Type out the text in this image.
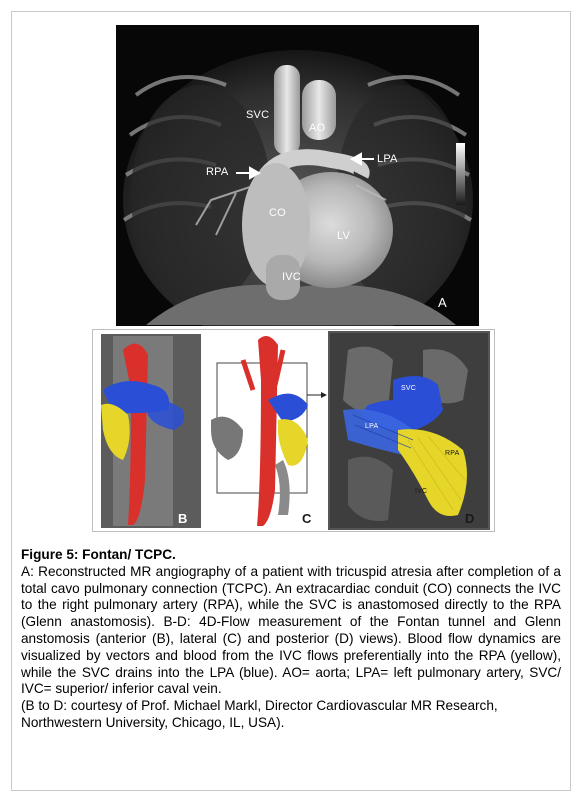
SVC
AO
RPA
LPA
CO
LV
IVC
A
LPA
B	C
SVC
LPA
RPA
IVC
D
Figure 5: Fontan/ TCPC.

A: Reconstructed MR angiography of a patient with tricuspid atresia after completion of a total cavo pulmonary connection (TCPC). An extracardiac conduit (CO) connects the IVC to the right pulmonary artery (RPA), while the SVC is anastomosed directly to the RPA (Glenn anastomosis). B-D: 4D-Flow measurement of the Fontan tunnel and Glenn anstomosis (anterior (B), lateral (C) and posterior (D) views). Blood flow dynamics are visualized by vectors and blood from the IVC flows preferentially into the RPA (yellow), while the SVC drains into the LPA (blue). AO= aorta; LPA= left pulmonary artery, SVC/ IVC= superior/ inferior caval vein.

(B to D: courtesy of Prof. Michael Markl, Director Cardiovascular MR Research, Northwestern University, Chicago, IL, USA).
